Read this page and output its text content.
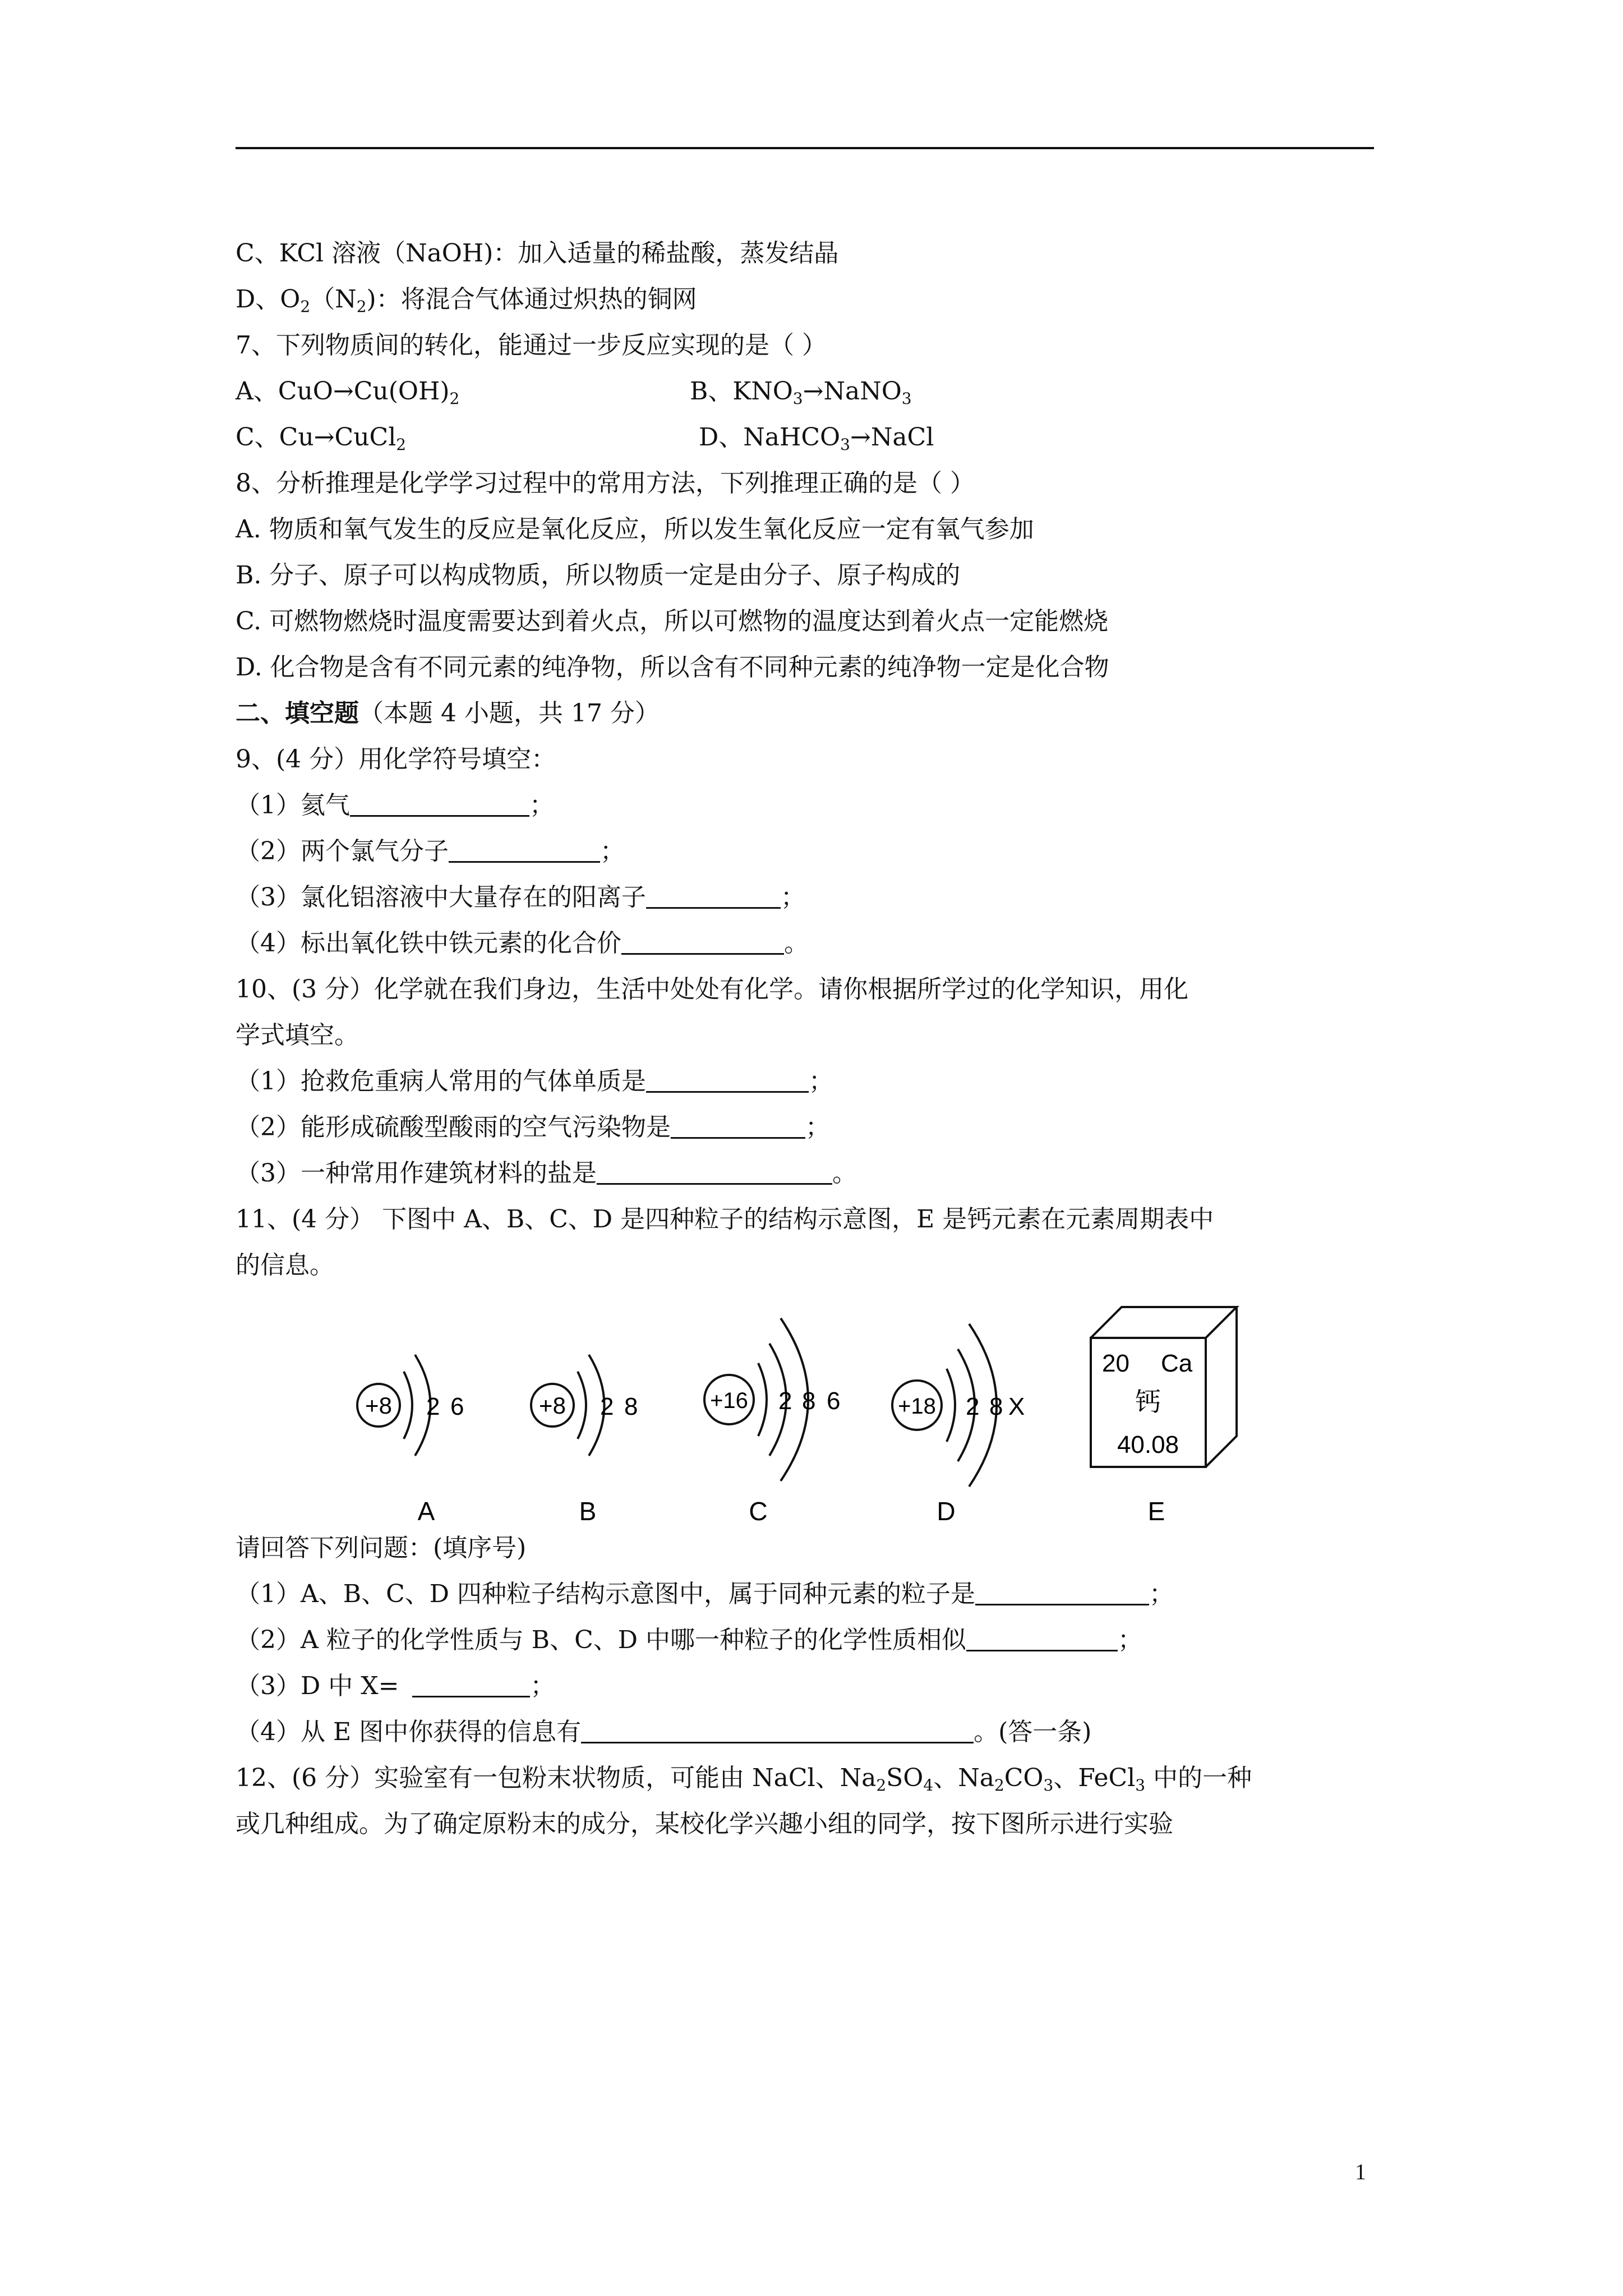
C、KCl 溶液（NaOH)：加入适量的稀盐酸，蒸发结晶
D、$O_2(N_2)$：将混合气体通过炽热的铜网
7、下列物质间的转化，能通过一步反应实现的是（ ）
A、$CuO\to Cu(OH)_2$	B、$KNO_3\to NaNO_3$
C、Cu→CuCl$_2$	D、NaHCO$_3$→NaCl
8、分析推理是化学学习过程中的常用方法，下列推理正确的是（ ）
A. 物质和氧气发生的反应是氧化反应，所以发生氧化反应一定有氧气参加
B. 分子、原子可以构成物质，所以物质一定是由分子、原子构成的
C. 可燃物燃烧时温度需要达到着火点，所以可燃物的温度达到着火点一定能燃烧
D. 化合物是含有不同元素的纯净物，所以含有不同种元素的纯净物一定是化合物
二、填空题（本题 4 小题，共 17 分）
9、(4 分）用化学符号填空：
（1）氦气	；
（2）两个氯气分子	；
（3）氯化铝溶液中大量存在的阳离子	；
（4）标出氧化铁中铁元素的化合价	。
10、(3 分）化学就在我们身边，生活中处处有化学。请你根据所学过的化学知识，用化
学式填空。
（1）抢救危重病人常用的气体单质是	；
（2）能形成硫酸型酸雨的空气污染物是	；
（3）一种常用作建筑材料的盐是	。
11、(4 分） 下图中 A、B、C、D 是四种粒子的结构示意图，E 是钙元素在元素周期表中
的信息。
+8 2 6
A
+8 2 8
B
+16 2 8 6
C
+18 2 8 X
D
20 Ca
钙
40.08
E
请回答下列问题：(填序号)
（1）A、B、C、D 四种粒子结构示意图中，属于同种元素的粒子是	；
（2）A 粒子的化学性质与 B、C、D 中哪一种粒子的化学性质相似	；
（3）D 中 X=	；
（4）从 E 图中你获得的信息有	。(答一条)
12、(6 分）实验室有一包粉末状物质，可能由 NaCl、$Na_2SO_4$、$Na_2CO_3$、FeCl$_3$ 中的一种
或几种组成。为了确定原粉末的成分，某校化学兴趣小组的同学，按下图所示进行实验
1
